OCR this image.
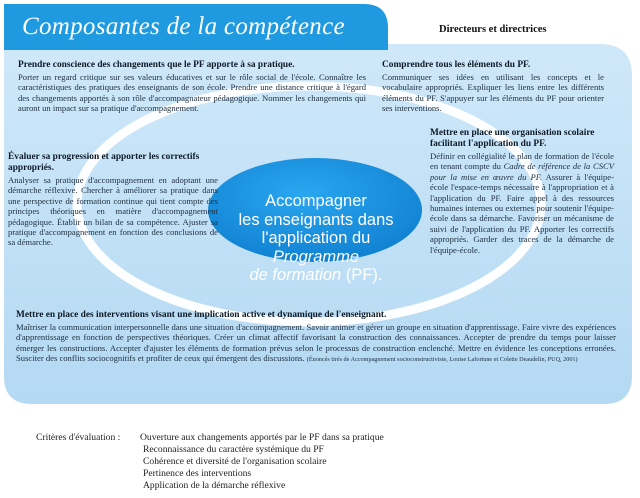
Composantes de la compétence	Directeurs et directrices
Prendre conscience des changements que le PF apporte à sa pratique.

Porter un regard critique sur ses valeurs éducatives et sur le rôle social de l'école. Connaître les caractéristiques des pratiques des enseignants de son école. Prendre une distance critique à l'égard des changements apportés à son rôle d'accompagnateur pédagogique. Nommer les changements qui auront un impact sur sa pratique d'accompagnement.

Comprendre tous les éléments du PF.

Communiquer ses idées en utilisant les concepts et le vocabulaire appropriés. Expliquer les liens entre les différents éléments du PF. S'appuyer sur les éléments du PF pour orienter ses interventions.

Évaluer sa progression et apporter les correctifs appropriés.

Analyser sa pratique d'accompagnement en adoptant une démarche réflexive. Chercher à améliorer sa pratique dans une perspective de formation continue qui tient compte des principes théoriques en matière d'accompagnement pédagogique. Établir un bilan de sa compétence. Ajuster sa pratique d'accompagnement en fonction des conclusions de sa démarche.

Mettre en place une organisation scolaire facilitant l'application du PF.

Définir en collégialité le plan de formation de l'école en tenant compte du Cadre de référence de la CSCV pour la mise en œuvre du PF. Assurer à l'équipe-école l'espace-temps nécessaire à l'appropriation et à l'application du PF. Faire appel à des ressources humaines internes ou externes pour soutenir l'équipe-école dans sa démarche. Favoriser un mécanisme de suivi de l'application du PF. Apporter les correctifs appropriés. Garder des traces de la démarche de l'équipe-école.

Accompagner
les enseignants dans
l'application du Programme
de formation (PF).
Mettre en place des interventions visant une implication active et dynamique de l'enseignant.

Maîtriser la communication interpersonnelle dans une situation d'accompagnement. Savoir animer et gérer un groupe en situation d'apprentissage. Faire vivre des expériences d'apprentissage en fonction de perspectives théoriques. Créer un climat affectif favorisant la construction des connaissances. Accepter de prendre du temps pour laisser émerger les constructions. Accepter d'ajuster les éléments de formation prévus selon le processus de construction enclenché. Mettre en évidence les conceptions erronées. Susciter des conflits sociocognitifs et profiter de ceux qui émergent des discussions. (Énoncés tirés de Accompagnement socioconstructiviste, Louise Lafortune et Colette Deaudelin, PUQ, 2001)

Critères d'évaluation :	Ouverture aux changements apportés par le PF dans sa pratique
Reconnaissance du caractère systémique du PF
Cohérence et diversité de l'organisation scolaire
Pertinence des interventions
Application de la démarche réflexive
